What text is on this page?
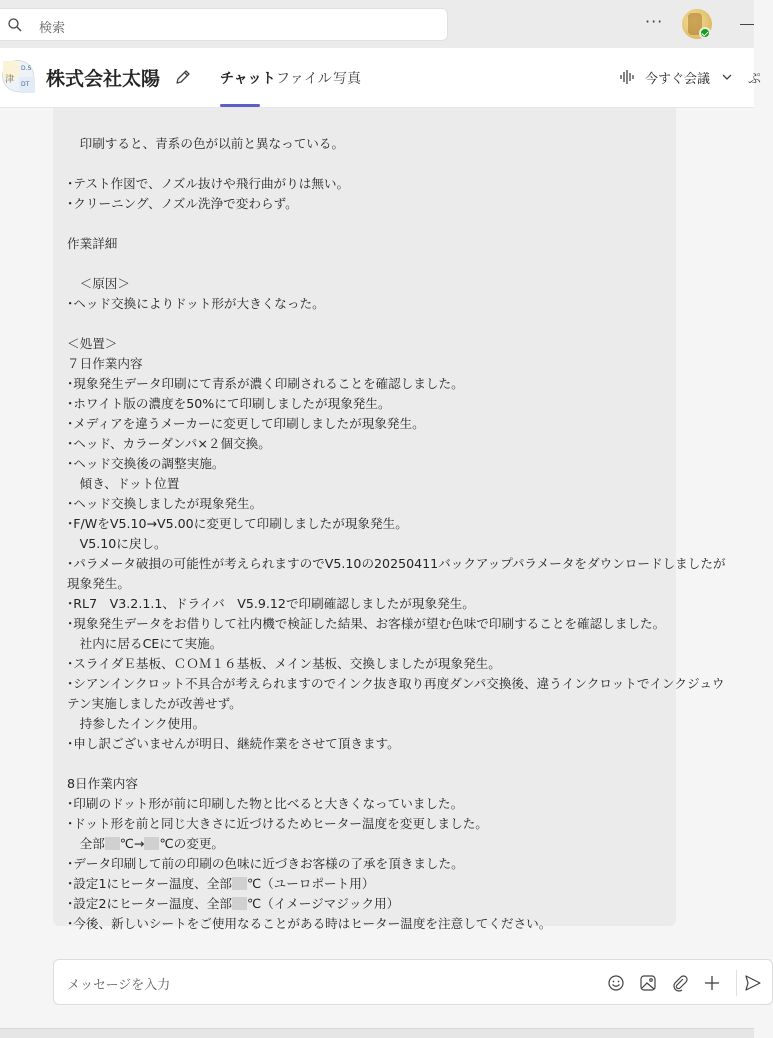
検索	···
D.S
DT
津 株式会社太陽	チャット ファイル 写真	今すぐ会議	ぷ
　印刷すると、青系の色が以前と異なっている。
･テスト作図で、ノズル抜けや飛行曲がりは無い。
･クリーニング、ノズル洗浄で変わらず。
作業詳細
　＜原因＞
･ヘッド交換によりドット形が大きくなった。
＜処置＞
７日作業内容
･現象発生データ印刷にて青系が濃く印刷されることを確認しました。
･ホワイト版の濃度を50%にて印刷しましたが現象発生。
･メディアを違うメーカーに変更して印刷しましたが現象発生。
･ヘッド、カラーダンパ×２個交換。
･ヘッド交換後の調整実施。
　傾き、ドット位置
･ヘッド交換しましたが現象発生。
･F/WをV5.10→V5.00に変更して印刷しましたが現象発生。
　V5.10に戻し。
･パラメータ破損の可能性が考えられますのでV5.10の20250411バックアップパラメータをダウンロードしましたが
現象発生。
･RL7　V3.2.1.1、ドライバ　V5.9.12で印刷確認しましたが現象発生。
･現象発生データをお借りして社内機で検証した結果、お客様が望む色味で印刷することを確認しました。
　社内に居るCEにて実施。
･スライダＥ基板、ＣＯＭ１６基板、メイン基板、交換しましたが現象発生。
･シアンインクロット不具合が考えられますのでインク抜き取り再度ダンパ交換後、違うインクロットでインクジュウ
テン実施しましたが改善せず。
　持参したインク使用。
･申し訳ございませんが明日、継続作業をさせて頂きます。
8日作業内容
･印刷のドット形が前に印刷した物と比べると大きくなっていました。
･ドット形を前と同じ大きさに近づけるためヒーター温度を変更しました。
　全部 ℃→ ℃の変更。
･データ印刷して前の印刷の色味に近づきお客様の了承を頂きました。
･設定1にヒーター温度、全部 ℃（ユーロポート用）
･設定2にヒーター温度、全部 ℃（イメージマジック用）
･今後、新しいシートをご使用なることがある時はヒーター温度を注意してください。
メッセージを入力
